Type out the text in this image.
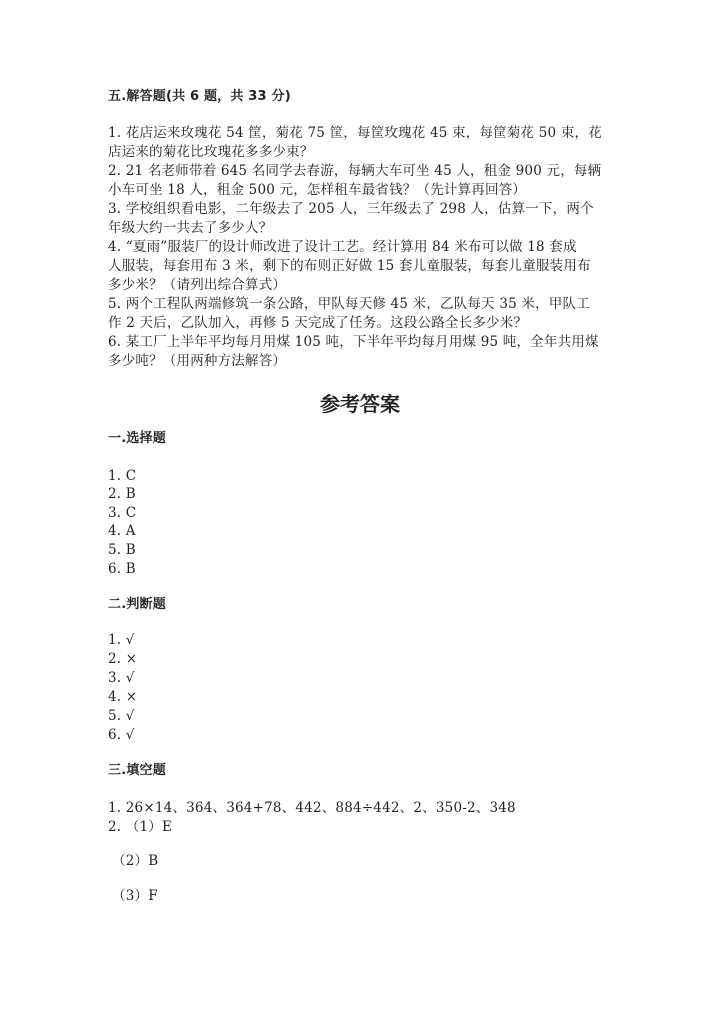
五.解答题(共 6 题，共 33 分)
1. 花店运来玫瑰花 54 筐，菊花 75 筐，每筐玫瑰花 45 束，每筐菊花 50 束，花
店运来的菊花比玫瑰花多多少束？
2. 21 名老师带着 645 名同学去春游，每辆大车可坐 45 人，租金 900 元，每辆
小车可坐 18 人，租金 500 元，怎样租车最省钱？（先计算再回答）
3. 学校组织看电影，二年级去了 205 人，三年级去了 298 人，估算一下，两个
年级大约一共去了多少人？
4. “夏雨”服装厂的设计师改进了设计工艺。经计算用 84 米布可以做 18 套成
人服装，每套用布 3 米，剩下的布则正好做 15 套儿童服装，每套儿童服装用布
多少米？（请列出综合算式）
5. 两个工程队两端修筑一条公路，甲队每天修 45 米，乙队每天 35 米，甲队工
作 2 天后，乙队加入，再修 5 天完成了任务。这段公路全长多少米？
6. 某工厂上半年平均每月用煤 105 吨，下半年平均每月用煤 95 吨，全年共用煤
多少吨？（用两种方法解答）
参考答案
一.选择题
1. C
2. B
3. C
4. A
5. B
6. B
二.判断题
1. √
2. ×
3. √
4. ×
5. √
6. √
三.填空题
1. 26×14、364、364+78、442、884÷442、2、350-2、348
2. （1）E
（2）B
（3）F
